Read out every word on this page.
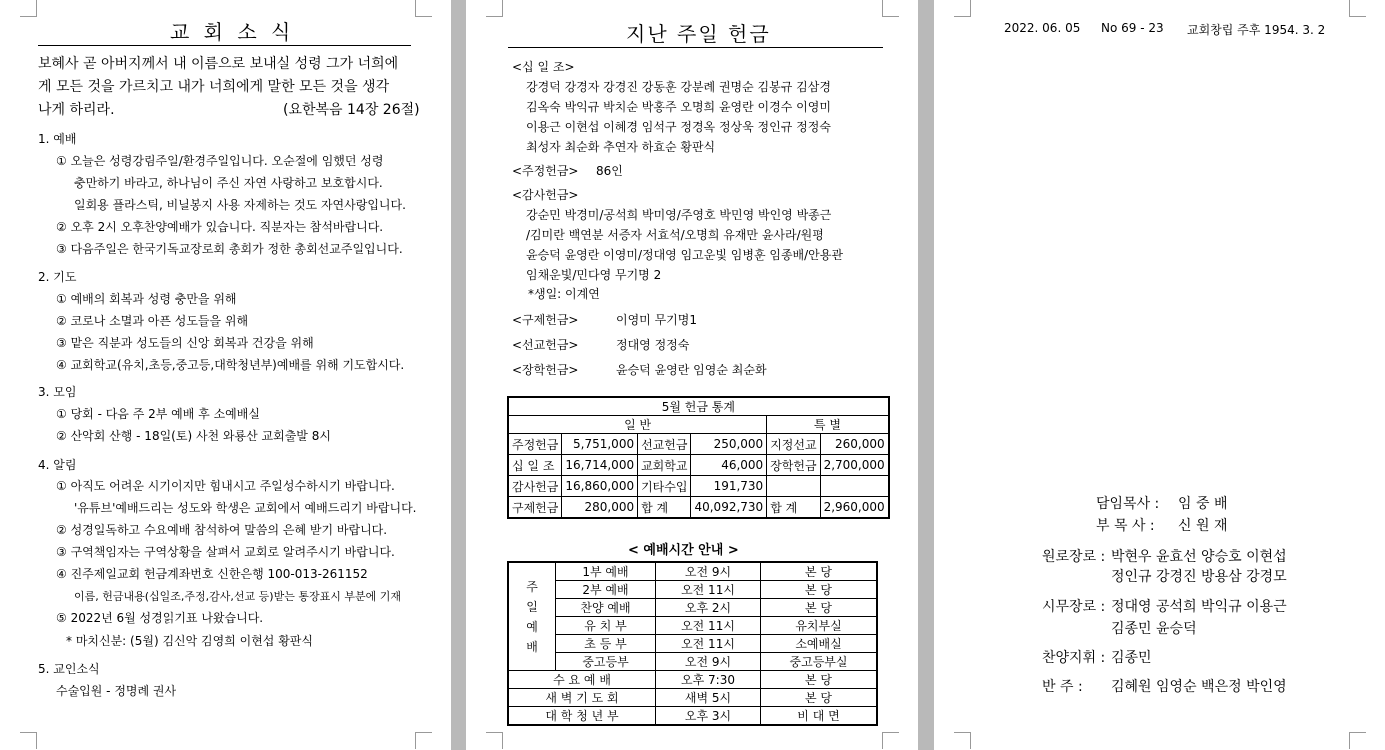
교 회 소 식
보혜사 곧 아버지께서 내 이름으로 보내실 성령 그가 너희에
게 모든 것을 가르치고 내가 너희에게 말한 모든 것을 생각
나게 하리라.	(요한복음 14장 26절)
1. 예배
① 오늘은 성령강림주일/환경주일입니다. 오순절에 임했던 성령
충만하기 바라고, 하나님이 주신 자연 사랑하고 보호합시다.
일회용 플라스틱, 비닐봉지 사용 자제하는 것도 자연사랑입니다.
② 오후 2시 오후찬양예배가 있습니다. 직분자는 참석바랍니다.
③ 다음주일은 한국기독교장로회 총회가 정한 총회선교주일입니다.
2. 기도
① 예배의 회복과 성령 충만을 위해
② 코로나 소멸과 아픈 성도들을 위해
③ 맡은 직분과 성도들의 신앙 회복과 건강을 위해
④ 교회학교(유치,초등,중고등,대학청년부)예배를 위해 기도합시다.
3. 모임
① 당회 - 다음 주 2부 예배 후 소예배실
② 산악회 산행 - 18일(토) 사천 와룡산 교회출발 8시
4. 알림
① 아직도 어려운 시기이지만 힘내시고 주일성수하시기 바랍니다.
'유튜브'예배드리는 성도와 학생은 교회에서 예배드리기 바랍니다.
② 성경일독하고 수요예배 참석하여 말씀의 은혜 받기 바랍니다.
③ 구역책임자는 구역상황을 살펴서 교회로 알려주시기 바랍니다.
④ 진주제일교회 헌금계좌번호 신한은행 100-013-261152
이름, 헌금내용(십일조,주정,감사,선교 등)받는 통장표시 부분에 기재
⑤ 2022년 6월 성경읽기표 나왔습니다.
* 마치신분: (5월) 김신악 김영희 이현섭 황판식
5. 교인소식
수술입원 - 정명례 권사
지난 주일 헌금
<십 일 조>
강경덕 강경자 강경진 강동훈 강분례 권명순 김봉규 김삼경
김옥숙 박익규 박치순 박홍주 오명희 윤영란 이경수 이영미
이용근 이현섭 이혜경 임석구 정경옥 정상욱 정인규 정정숙
최성자 최순화 추연자 하효순 황판식
<주정헌금> 86인
<감사헌금>
강순민 박경미/공석희 박미영/주영호 박민영 박인영 박종근
/김미란 백연분 서증자 서효석/오명희 유재만 윤사라/원평
윤승덕 윤영란 이영미/정대영 임고운빛 임병훈 임종배/안용관
임채운빛/민다영 무기명 2
*생일: 이계연
<구제헌금>	이영미 무기명1
<선교헌금>	정대영 정정숙
<장학헌금>	윤승덕 윤영란 임영순 최순화
5월 헌금 통계					
일 반				특 별	
주정헌금	5,751,000	선교헌금	250,000	지정선교	260,000
십 일 조	16,714,000	교회학교	46,000	장학헌금	2,700,000
감사헌금	16,860,000	기타수입	191,730		
구제헌금	280,000	합 계	40,092,730	합 계	2,960,000
< 예배시간 안내 >
주
일
예
배	1부 예배	오전 9시	본 당
	2부 예배	오전 11시	본 당
	찬양 예배	오후 2시	본 당
	유 치 부	오전 11시	유치부실
	초 등 부	오전 11시	소예배실
	중고등부	오전 9시	중고등부실
수 요 예 배		오후 7:30	본 당
새 벽 기 도 회		새벽 5시	본 당
대 학 청 년 부		오후 3시	비 대 면
2022. 06. 05 No 69 - 23 교회창립 주후 1954. 3. 2
담임목사 : 임 중 배
부 목 사 : 신 원 재
원로장로 : 박현우 윤효선 양승호 이현섭
정인규 강경진 방용삼 강경모
시무장로 : 정대영 공석희 박익규 이용근
김종민 윤승덕
찬양지휘 : 김종민
반 주 : 김혜원 임영순 백은정 박인영
